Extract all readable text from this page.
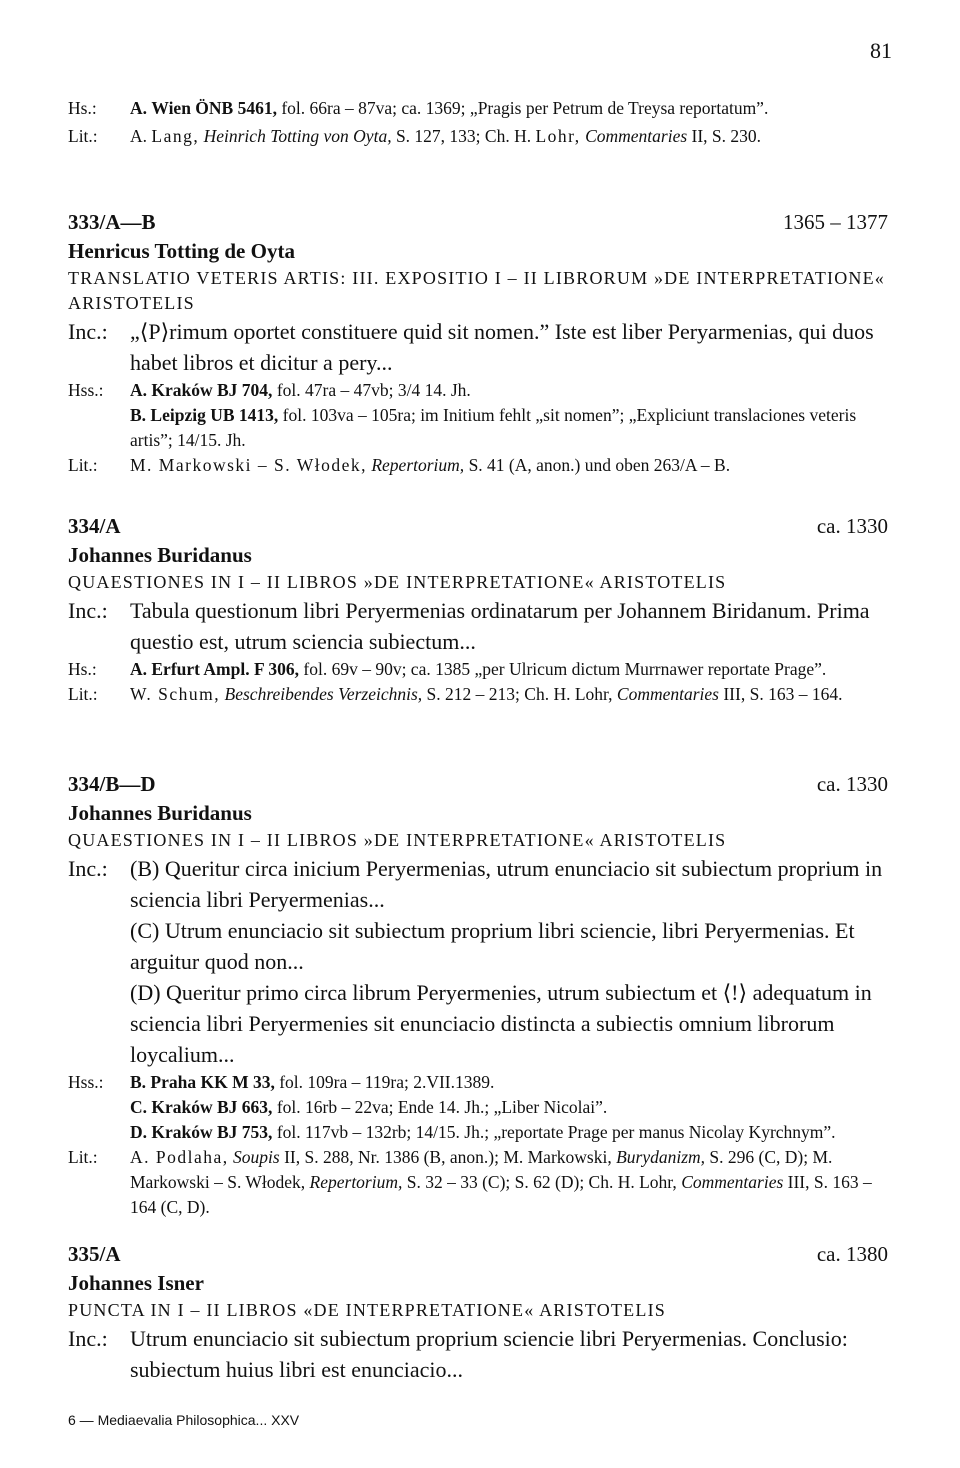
81
Hs.:	A. Wien ÖNB 5461, fol. 66ra – 87va; ca. 1369; „Pragis per Petrum de Treysa reportatum”.
Lit.:	A. Lang, Heinrich Totting von Oyta, S. 127, 133; Ch. H. Lohr, Commentaries II, S. 230.
333/A—B	1365 – 1377
Henricus Totting de Oyta
TRANSLATIO VETERIS ARTIS: III. EXPOSITIO I – II LIBRORUM »DE INTERPRETATIONE« ARISTOTELIS
Inc.:	„⟨P⟩rimum oportet constituere quid sit nomen.” Iste est liber Peryarmenias, qui duos habet libros et dicitur a pery...
Hss.:	A. Kraków BJ 704, fol. 47ra – 47vb; 3/4 14. Jh.
B. Leipzig UB 1413, fol. 103va – 105ra; im Initium fehlt „sit nomen”; „Expliciunt translaciones veteris artis”; 14/15. Jh.
Lit.:	M. Markowski – S. Włodek, Repertorium, S. 41 (A, anon.) und oben 263/A – B.
334/A	ca. 1330
Johannes Buridanus
QUAESTIONES IN I – II LIBROS »DE INTERPRETATIONE« ARISTOTELIS
Inc.:	Tabula questionum libri Peryermenias ordinatarum per Johannem Biridanum. Prima questio est, utrum sciencia subiectum...
Hs.:	A. Erfurt Ampl. F 306, fol. 69v – 90v; ca. 1385 „per Ulricum dictum Murrnawer reportate Prage”.
Lit.:	W. Schum, Beschreibendes Verzeichnis, S. 212 – 213; Ch. H. Lohr, Commentaries III, S. 163 – 164.
334/B—D	ca. 1330
Johannes Buridanus
QUAESTIONES IN I – II LIBROS »DE INTERPRETATIONE« ARISTOTELIS
Inc.:	(B) Queritur circa inicium Peryermenias, utrum enunciacio sit subiectum proprium in sciencia libri Peryermenias...
(C) Utrum enunciacio sit subiectum proprium libri sciencie, libri Peryermenias. Et arguitur quod non...
(D) Queritur primo circa librum Peryermenies, utrum subiectum et ⟨!⟩ adequatum in sciencia libri Peryermenies sit enunciacio distincta a subiectis omnium librorum loycalium...
Hss.:	B. Praha KK M 33, fol. 109ra – 119ra; 2.VII.1389.
C. Kraków BJ 663, fol. 16rb – 22va; Ende 14. Jh.; „Liber Nicolai”.
D. Kraków BJ 753, fol. 117vb – 132rb; 14/15. Jh.; „reportate Prage per manus Nicolay Kyrchnym”.
Lit.:	A. Podlaha, Soupis II, S. 288, Nr. 1386 (B, anon.); M. Markowski, Burydanizm, S. 296 (C, D); M. Markowski – S. Włodek, Repertorium, S. 32 – 33 (C); S. 62 (D); Ch. H. Lohr, Commentaries III, S. 163 – 164 (C, D).
335/A	ca. 1380
Johannes Isner
PUNCTA IN I – II LIBROS «DE INTERPRETATIONE« ARISTOTELIS
Inc.:	Utrum enunciacio sit subiectum proprium sciencie libri Peryermenias. Conclusio: subiectum huius libri est enunciacio...
6 — Mediaevalia Philosophica... XXV
